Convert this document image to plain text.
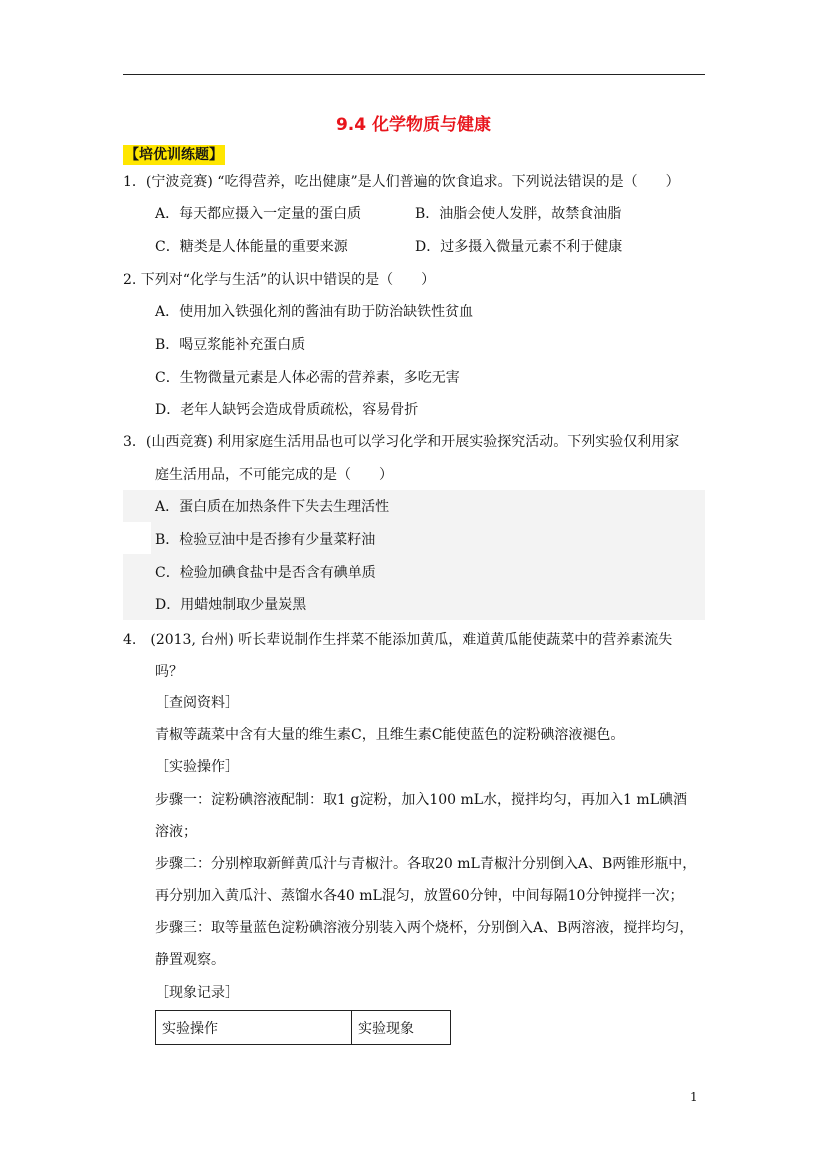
9.4 化学物质与健康
【培优训练题】
1．(宁波竞赛) “吃得营养，吃出健康”是人们普遍的饮食追求。下列说法错误的是（　　）
A．每天都应摄入一定量的蛋白质	B．油脂会使人发胖，故禁食油脂
C．糖类是人体能量的重要来源	D．过多摄入微量元素不利于健康
2. 下列对“化学与生活”的认识中错误的是（　　）
A．使用加入铁强化剂的酱油有助于防治缺铁性贫血
B．喝豆浆能补充蛋白质
C．生物微量元素是人体必需的营养素，多吃无害
D．老年人缺钙会造成骨质疏松，容易骨折
3．(山西竞赛) 利用家庭生活用品也可以学习化学和开展实验探究活动。下列实验仅利用家
庭生活用品，不可能完成的是（　　）
A．蛋白质在加热条件下失去生理活性
B．检验豆油中是否掺有少量菜籽油
C．检验加碘食盐中是否含有碘单质
D．用蜡烛制取少量炭黑
4.　(2013, 台州) 听长辈说制作生拌菜不能添加黄瓜，难道黄瓜能使蔬菜中的营养素流失
吗？
［查阅资料］
青椒等蔬菜中含有大量的维生素C，且维生素C能使蓝色的淀粉碘溶液褪色。
［实验操作］
步骤一：淀粉碘溶液配制：取1 g淀粉，加入100 mL水，搅拌均匀，再加入1 mL碘酒
溶液；
步骤二：分别榨取新鲜黄瓜汁与青椒汁。各取20 mL青椒汁分别倒入A、B两锥形瓶中，
再分别加入黄瓜汁、蒸馏水各40 mL混匀，放置60分钟，中间每隔10分钟搅拌一次；
步骤三：取等量蓝色淀粉碘溶液分别装入两个烧杯，分别倒入A、B两溶液，搅拌均匀，
静置观察。
［现象记录］
实验操作	实验现象
1
